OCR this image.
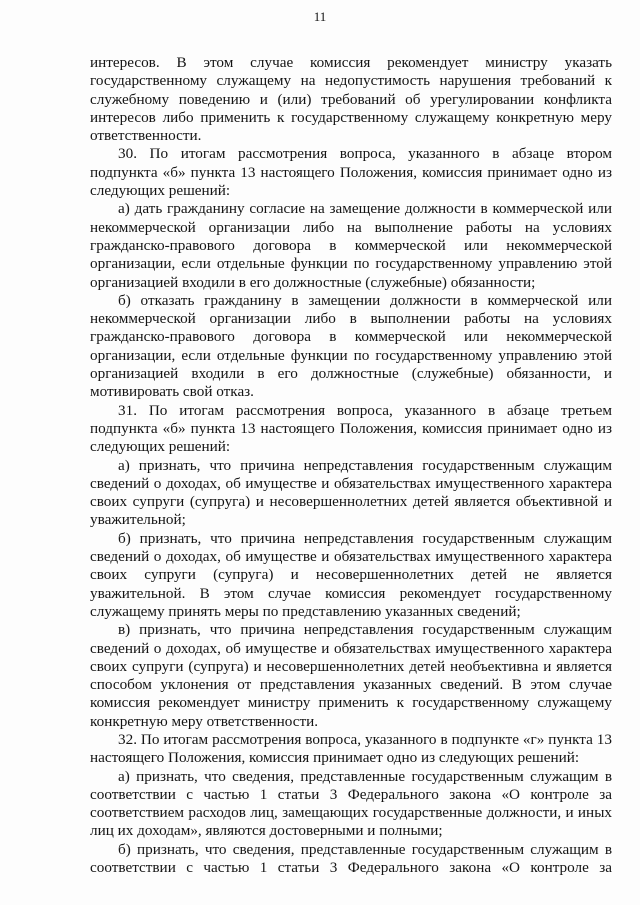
11

интересов. В этом случае комиссия рекомендует министру указать государственному служащему на недопустимость нарушения требований к служебному поведению и (или) требований об урегулировании конфликта интересов либо применить к государственному служащему конкретную меру ответственности.

30. По итогам рассмотрения вопроса, указанного в абзаце втором подпункта «б» пункта 13 настоящего Положения, комиссия принимает одно из следующих решений:

а) дать гражданину согласие на замещение должности в коммерческой или некоммерческой организации либо на выполнение работы на условиях гражданско-правового договора в коммерческой или некоммерческой организации, если отдельные функции по государственному управлению этой организацией входили в его должностные (служебные) обязанности;

б) отказать гражданину в замещении должности в коммерческой или некоммерческой организации либо в выполнении работы на условиях гражданско-правового договора в коммерческой или некоммерческой организации, если отдельные функции по государственному управлению этой организацией входили в его должностные (служебные) обязанности, и мотивировать свой отказ.

31. По итогам рассмотрения вопроса, указанного в абзаце третьем подпункта «б» пункта 13 настоящего Положения, комиссия принимает одно из следующих решений:

а) признать, что причина непредставления государственным служащим сведений о доходах, об имуществе и обязательствах имущественного характера своих супруги (супруга) и несовершеннолетних детей является объективной и уважительной;

б) признать, что причина непредставления государственным служащим сведений о доходах, об имуществе и обязательствах имущественного характера своих супруги (супруга) и несовершеннолетних детей не является уважительной. В этом случае комиссия рекомендует государственному служащему принять меры по представлению указанных сведений;

в) признать, что причина непредставления государственным служащим сведений о доходах, об имуществе и обязательствах имущественного характера своих супруги (супруга) и несовершеннолетних детей необъективна и является способом уклонения от представления указанных сведений. В этом случае комиссия рекомендует министру применить к государственному служащему конкретную меру ответственности.

32. По итогам рассмотрения вопроса, указанного в подпункте «г» пункта 13 настоящего Положения, комиссия принимает одно из следующих решений:

а) признать, что сведения, представленные государственным служащим в соответствии с частью 1 статьи 3 Федерального закона «О контроле за соответствием расходов лиц, замещающих государственные должности, и иных лиц их доходам», являются достоверными и полными;

б) признать, что сведения, представленные государственным служащим в соответствии с частью 1 статьи 3 Федерального закона «О контроле за
